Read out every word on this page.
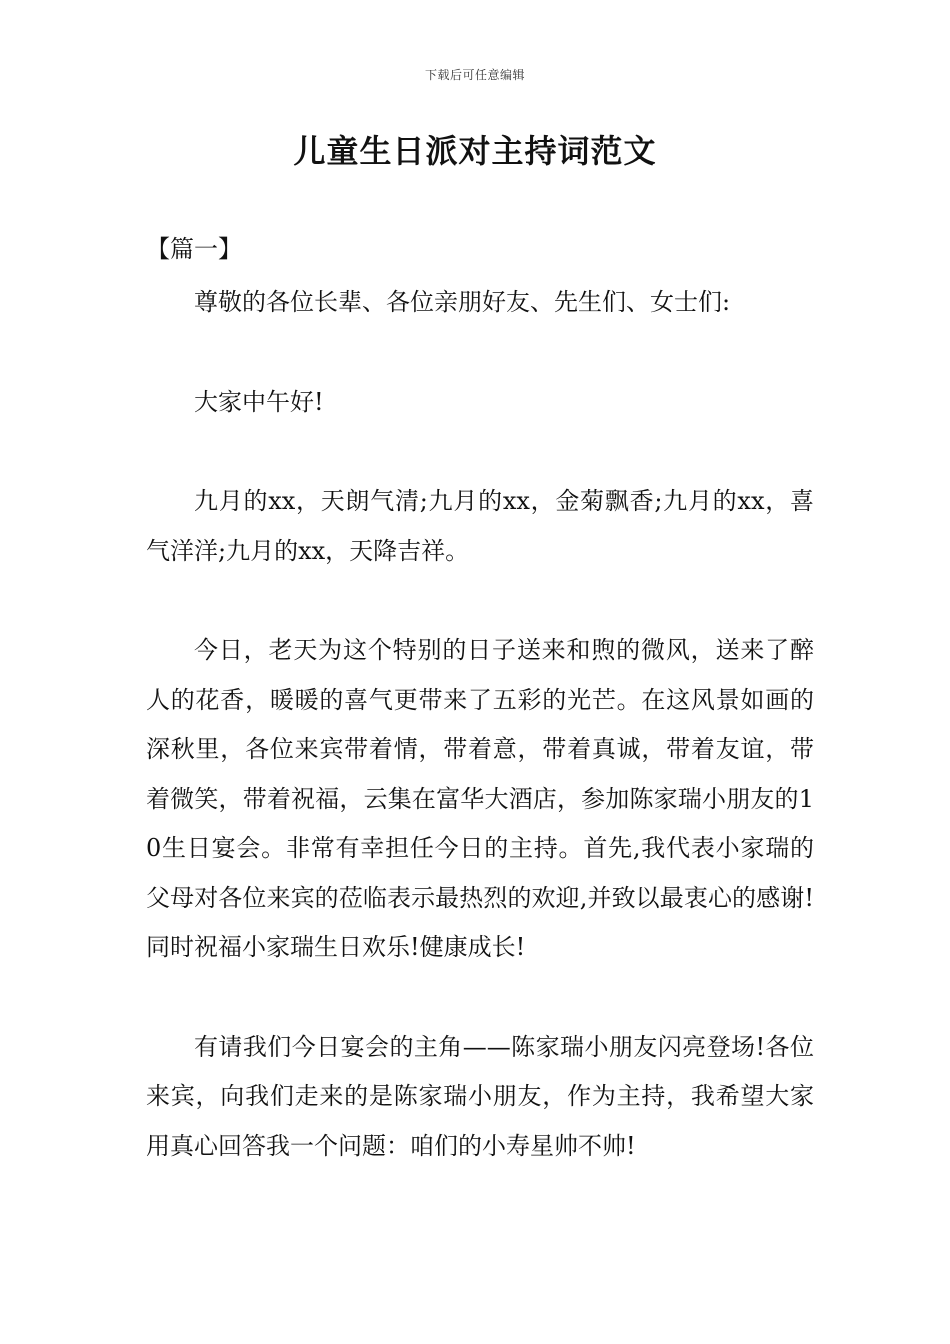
下载后可任意编辑
儿童生日派对主持词范文
【篇一】

尊敬的各位长辈、各位亲朋好友、先生们、女士们:

大家中午好!

九月的xx，天朗气清;九月的xx，金菊飘香;九月的xx，喜气洋洋;九月的xx，天降吉祥。

今日，老天为这个特别的日子送来和煦的微风，送来了醉人的花香，暖暖的喜气更带来了五彩的光芒。在这风景如画的深秋里，各位来宾带着情，带着意，带着真诚，带着友谊，带着微笑，带着祝福，云集在富华大酒店，参加陈家瑞小朋友的10生日宴会。非常有幸担任今日的主持。首先,我代表小家瑞的父母对各位来宾的莅临表示最热烈的欢迎,并致以最衷心的感谢!同时祝福小家瑞生日欢乐!健康成长!

有请我们今日宴会的主角——陈家瑞小朋友闪亮登场!各位来宾，向我们走来的是陈家瑞小朋友，作为主持，我希望大家用真心回答我一个问题：咱们的小寿星帅不帅!
